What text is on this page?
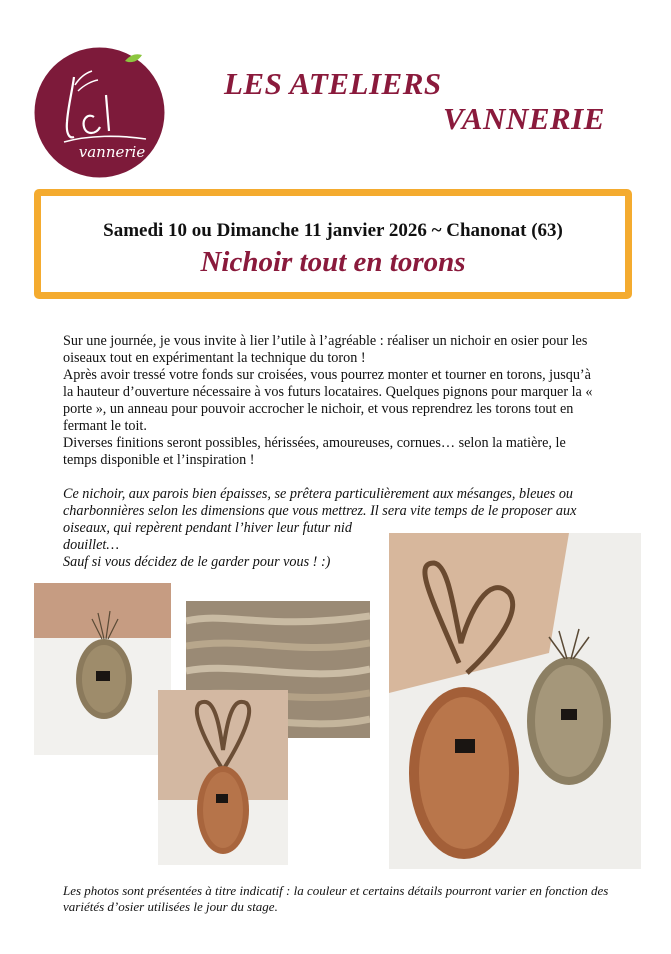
vannerie
LES ATELIERS
VANNERIE
Samedi 10 ou Dimanche 11 janvier 2026 ~ Chanonat (63)
Nichoir tout en torons

Sur une journée, je vous invite à lier l’utile à l’agréable : réaliser un nichoir en osier pour les oiseaux tout en expérimentant la technique du toron !

Après avoir tressé votre fonds sur croisées, vous pourrez monter et tourner en torons, jusqu’à la hauteur d’ouverture nécessaire à vos futurs locataires. Quelques pignons pour marquer la « porte », un anneau pour pouvoir accrocher le nichoir, et vous reprendrez les torons tout en fermant le toit.

Diverses finitions seront possibles, hérissées, amoureuses, cornues… selon la matière, le temps disponible et l’inspiration !

Ce nichoir, aux parois bien épaisses, se prêtera particulièrement aux mésanges, bleues ou charbonnières selon les dimensions que vous mettrez. Il sera vite temps de le proposer aux oiseaux, qui repèrent pendant l’hiver leur futur nid

douillet…

Sauf si vous décidez de le garder pour vous ! :)

Les photos sont présentées à titre indicatif : la couleur et certains détails pourront varier en fonction des variétés d’osier utilisées le jour du stage.
